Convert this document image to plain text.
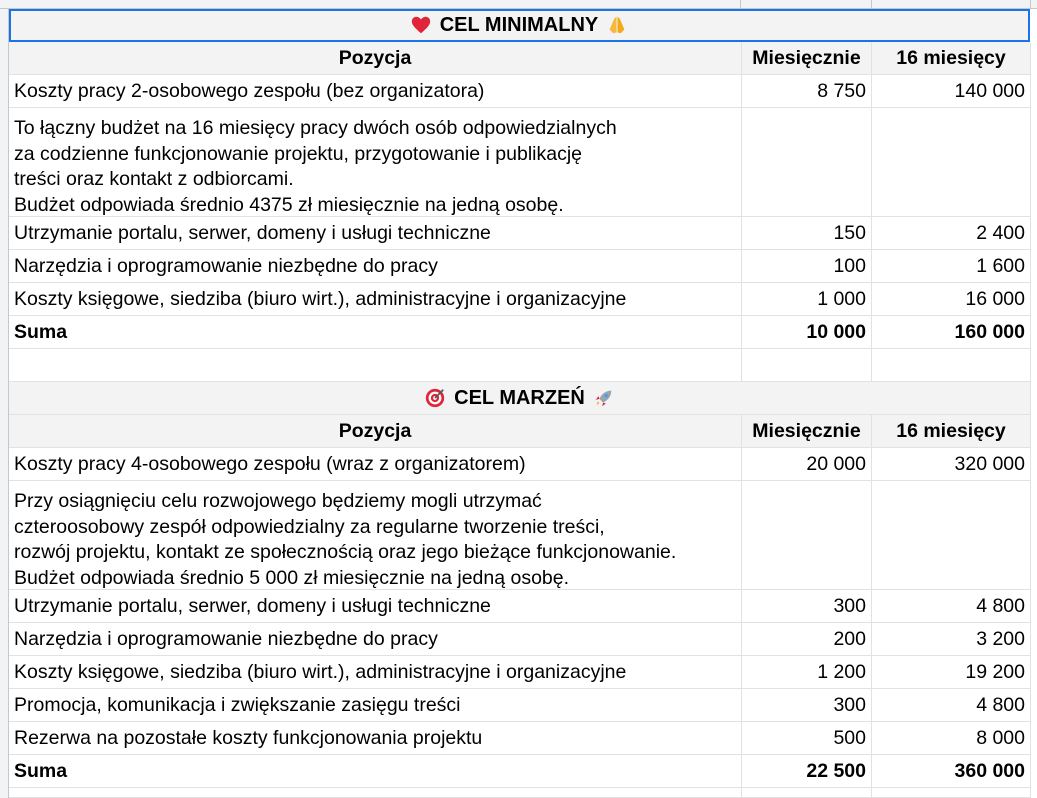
CEL MINIMALNY
Pozycja	Miesięcznie	16 miesięcy
Koszty pracy 2-osobowego zespołu (bez organizatora)	8 750	140 000
To łączny budżet na 16 miesięcy pracy dwóch osób odpowiedzialnych
za codzienne funkcjonowanie projektu, przygotowanie i publikację
treści oraz kontakt z odbiorcami.
Budżet odpowiada średnio 4375 zł miesięcznie na jedną osobę.
Utrzymanie portalu, serwer, domeny i usługi techniczne	150	2 400
Narzędzia i oprogramowanie niezbędne do pracy	100	1 600
Koszty księgowe, siedziba (biuro wirt.), administracyjne i organizacyjne	1 000	16 000
Suma	10 000	160 000
CEL MARZEŃ
Pozycja	Miesięcznie	16 miesięcy
Koszty pracy 4-osobowego zespołu (wraz z organizatorem)	20 000	320 000
Przy osiągnięciu celu rozwojowego będziemy mogli utrzymać
czteroosobowy zespół odpowiedzialny za regularne tworzenie treści,
rozwój projektu, kontakt ze społecznością oraz jego bieżące funkcjonowanie.
Budżet odpowiada średnio 5 000 zł miesięcznie na jedną osobę.
Utrzymanie portalu, serwer, domeny i usługi techniczne	300	4 800
Narzędzia i oprogramowanie niezbędne do pracy	200	3 200
Koszty księgowe, siedziba (biuro wirt.), administracyjne i organizacyjne	1 200	19 200
Promocja, komunikacja i zwiększanie zasięgu treści	300	4 800
Rezerwa na pozostałe koszty funkcjonowania projektu	500	8 000
Suma	22 500	360 000
